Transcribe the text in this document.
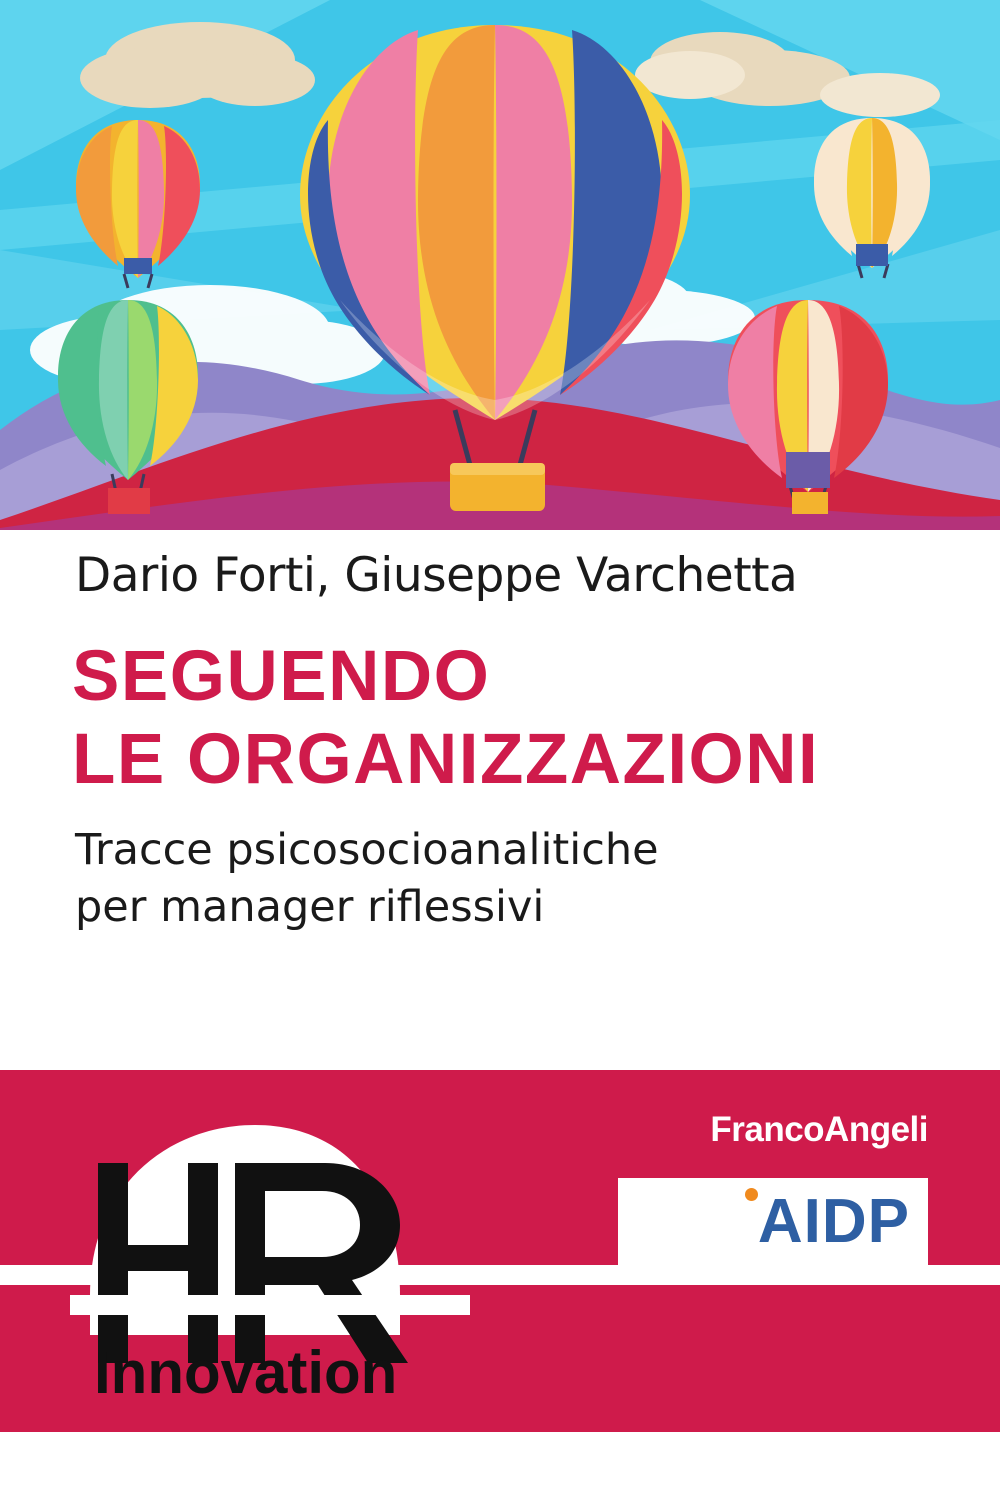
Dario Forti, Giuseppe Varchetta
SEGUENDO
LE ORGANIZZAZIONI
Tracce psicosocioanalitiche
per manager riflessivi
Innovation
FrancoAngeli
AIDP
